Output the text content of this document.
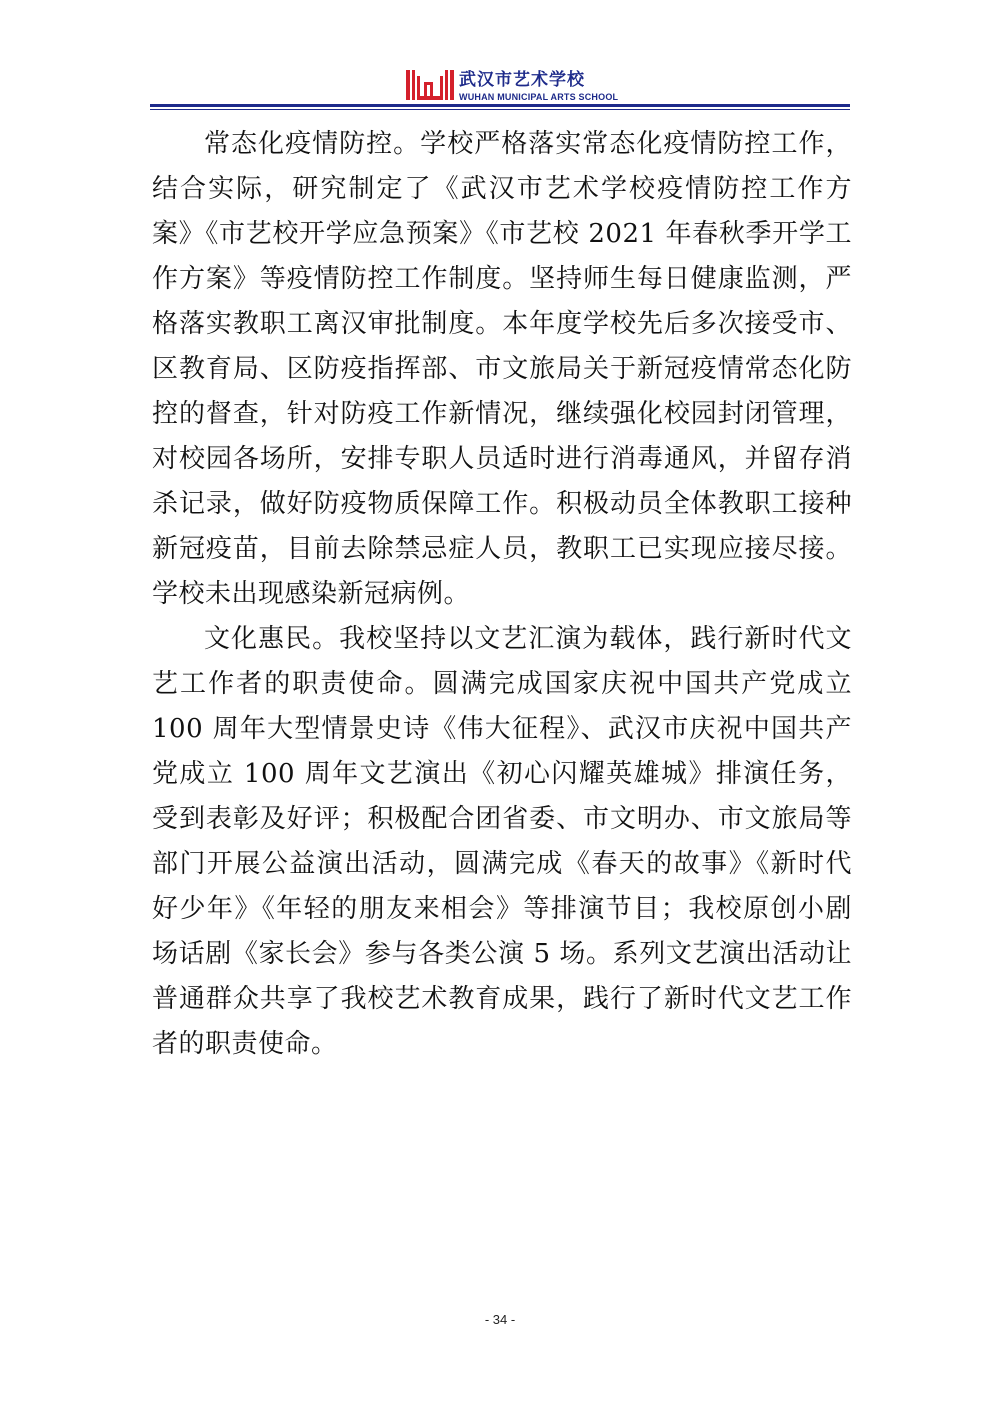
武汉市艺术学校
WUHAN MUNICIPAL ARTS SCHOOL

常态化疫情防控。学校严格落实常态化疫情防控工作，结合实际，研究制定了《武汉市艺术学校疫情防控工作方案》《市艺校开学应急预案》《市艺校 2021 年春秋季开学工作方案》等疫情防控工作制度。坚持师生每日健康监测，严格落实教职工离汉审批制度。本年度学校先后多次接受市、区教育局、区防疫指挥部、市文旅局关于新冠疫情常态化防控的督查，针对防疫工作新情况，继续强化校园封闭管理，对校园各场所，安排专职人员适时进行消毒通风，并留存消杀记录，做好防疫物质保障工作。积极动员全体教职工接种新冠疫苗，目前去除禁忌症人员，教职工已实现应接尽接。学校未出现感染新冠病例。

文化惠民。我校坚持以文艺汇演为载体，践行新时代文艺工作者的职责使命。圆满完成国家庆祝中国共产党成立 100 周年大型情景史诗《伟大征程》、武汉市庆祝中国共产党成立 100 周年文艺演出《初心闪耀英雄城》排演任务，受到表彰及好评；积极配合团省委、市文明办、市文旅局等部门开展公益演出活动，圆满完成《春天的故事》《新时代好少年》《年轻的朋友来相会》等排演节目；我校原创小剧场话剧《家长会》参与各类公演 5 场。系列文艺演出活动让普通群众共享了我校艺术教育成果，践行了新时代文艺工作者的职责使命。

- 34 -
